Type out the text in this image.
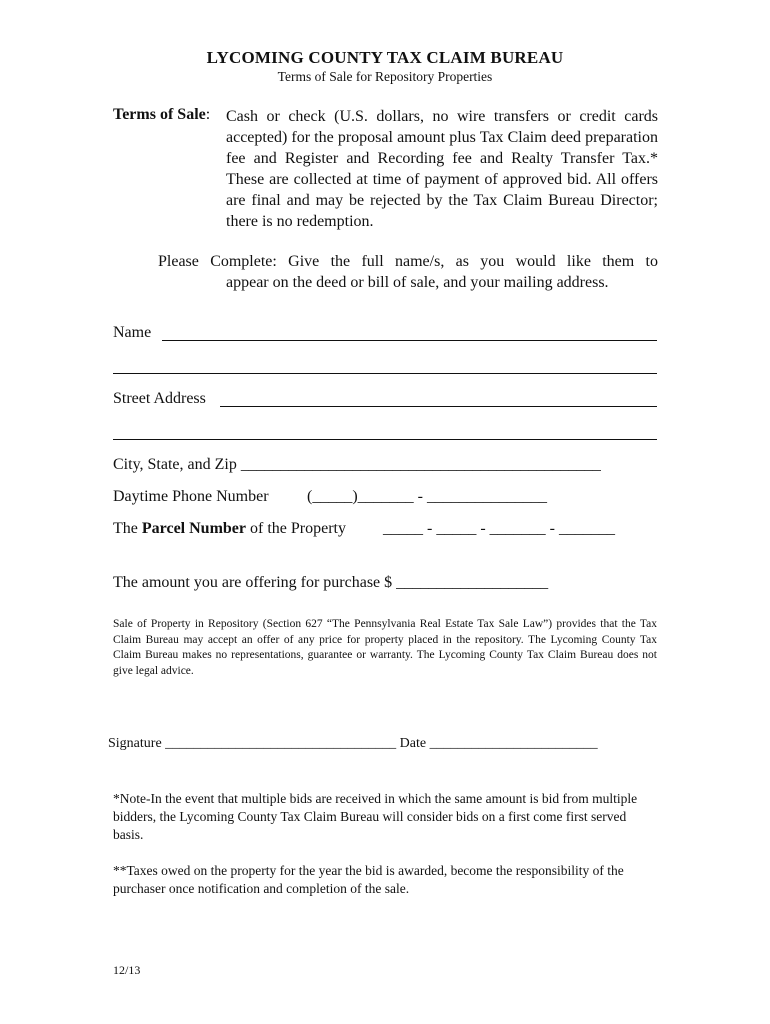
LYCOMING COUNTY TAX CLAIM BUREAU
Terms of Sale for Repository Properties
Terms of Sale: Cash or check (U.S. dollars, no wire transfers or credit cards accepted) for the proposal amount plus Tax Claim deed preparation fee and Register and Recording fee and Realty Transfer Tax.* These are collected at time of payment of approved bid. All offers are final and may be rejected by the Tax Claim Bureau Director; there is no redemption.
Please Complete: Give the full name/s, as you would like them to
appear on the deed or bill of sale, and your mailing address.
Name
Street Address
City, State, and Zip _____________________________________________
Daytime Phone Number (_____)_______ - _______________
The Parcel Number of the Property _____ - _____ - _______ - _______
The amount you are offering for purchase $ ___________________
Sale of Property in Repository (Section 627 “The Pennsylvania Real Estate Tax Sale Law”) provides that the Tax Claim Bureau may accept an offer of any price for property placed in the repository. The Lycoming County Tax Claim Bureau makes no representations, guarantee or warranty. The Lycoming County Tax Claim Bureau does not give legal advice.
Signature _________________________________ Date ________________________
*Note-In the event that multiple bids are received in which the same amount is bid from multiple bidders, the Lycoming County Tax Claim Bureau will consider bids on a first come first served basis.
**Taxes owed on the property for the year the bid is awarded, become the responsibility of the purchaser once notification and completion of the sale.
12/13
